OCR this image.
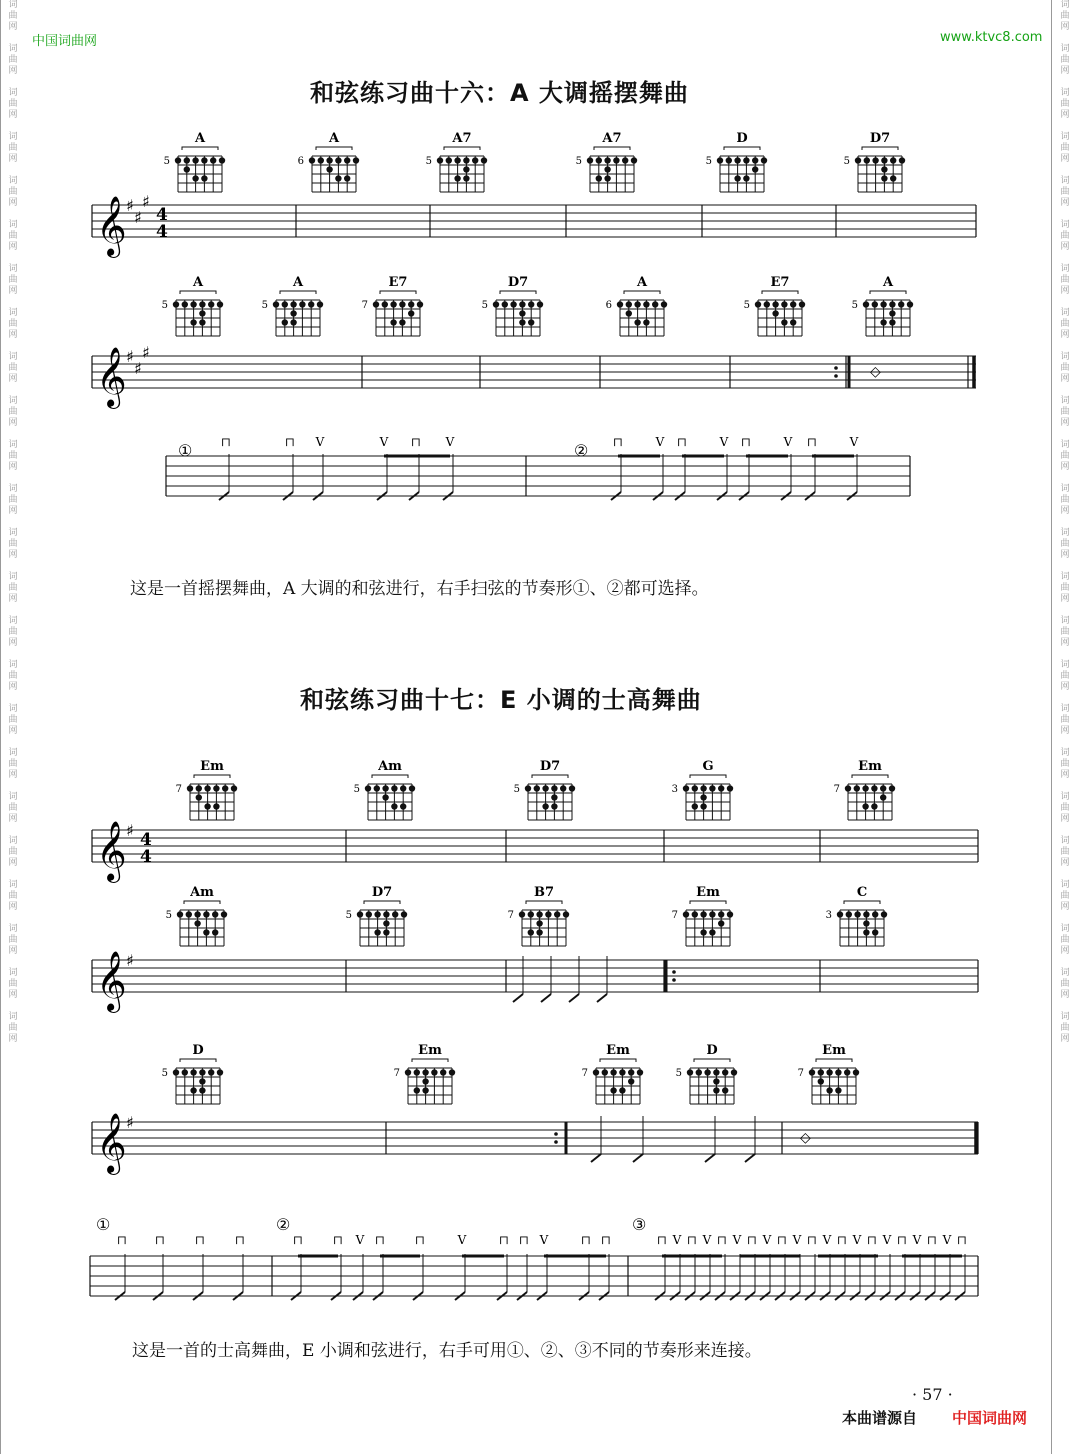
词
曲
网

词
曲
网

词
曲
网

词
曲
网

词
曲
网

词
曲
网

词
曲
网

词
曲
网

词
曲
网

词
曲
网

词
曲
网

词
曲
网

词
曲
网

词
曲
网

词
曲
网

词
曲
网

词
曲
网

词
曲
网

词
曲
网

词
曲
网

词
曲
网

词
曲
网

词
曲
网

词
曲
网

词
曲
网

词
曲
网

词
曲
网

词
曲
网

词
曲
网

词
曲
网

词
曲
网

词
曲
网

词
曲
网

词
曲
网

词
曲
网

词
曲
网

词
曲
网

词
曲
网

词
曲
网

词
曲
网

词
曲
网

词
曲
网

词
曲
网

词
曲
网

词
曲
网

词
曲
网

词
曲
网

词
曲
网

中国词曲网	www.ktvc8.com
和弦练习曲十六：A 大调摇摆舞曲
A
5
A
6
A7
5
A7
5
D
5
D7
5
𝄞 ♯
♯
♯
4
4
A
5
A
5
E7
7
D7
5
A
6
E7
5
A
5
𝄞 ♯
♯
♯
◇
①	②
⊓	⊓ V	V ⊓ V	⊓	V ⊓	V ⊓	V ⊓	V
Em
7
Am
5
D7
5
G
3
Em
7
𝄞 ♯ 4
4
Am
5
D7
5
B7
7
Em
7
C
3
𝄞 ♯
D
5
Em
7
Em
7
D
5
Em
7
𝄞 ♯
◇
①	②	③
⊓ ⊓ ⊓ ⊓	⊓ ⊓ V ⊓ ⊓	V	⊓ ⊓ V	⊓ ⊓	⊓ V ⊓ V ⊓ V ⊓ V ⊓ V ⊓ V ⊓ V ⊓ V ⊓ V ⊓ V ⊓
这是一首摇摆舞曲，A 大调的和弦进行，右手扫弦的节奏形①、②都可选择。
和弦练习曲十七：E 小调的士高舞曲
这是一首的士高舞曲，E 小调和弦进行，右手可用①、②、③不同的节奏形来连接。
· 57 ·
本曲谱源自 中国词曲网
